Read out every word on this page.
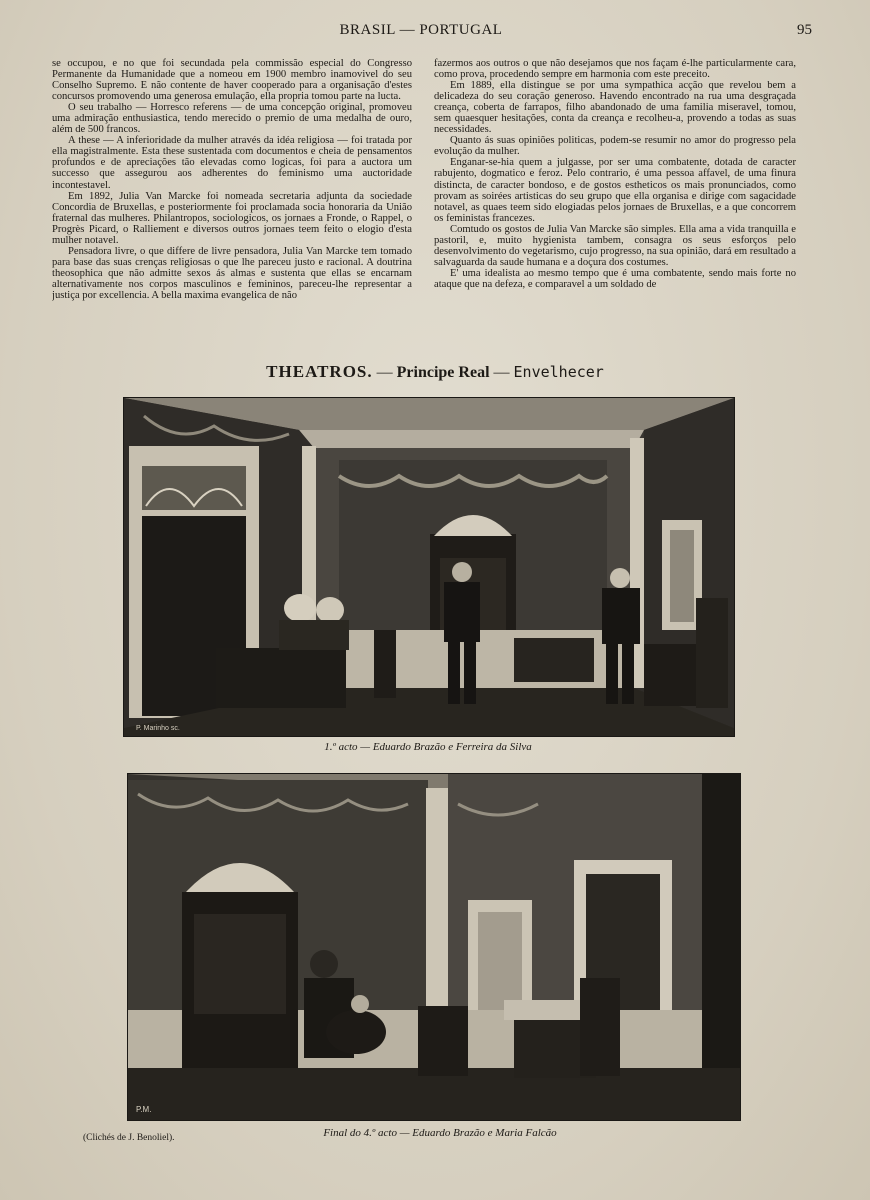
BRASIL — PORTUGAL	95

se occupou, e no que foi secundada pela commissão especial do Congresso Permanente da Humanidade que a nomeou em 1900 membro inamovivel do seu Conselho Supremo. E não contente de haver cooperado para a organisação d'estes concursos promovendo uma generosa emulação, ella propria tomou parte na lucta.

O seu trabalho — Horresco referens — de uma concepção original, promoveu uma admiração enthusiastica, tendo merecido o premio de uma medalha de ouro, além de 500 francos.

A these — A inferioridade da mulher através da idéa religiosa — foi tratada por ella magistralmente. Esta these sustentada com documentos e cheia de pensamentos profundos e de apreciações tão elevadas como logicas, foi para a auctora um successo que assegurou aos adherentes do feminismo uma auctoridade incontestavel.

Em 1892, Julia Van Marcke foi nomeada secretaria adjunta da sociedade Concordia de Bruxellas, e posteriormente foi proclamada socia honoraria da União fraternal das mulheres. Philantropos, sociologicos, os jornaes a Fronde, o Rappel, o Progrès Picard, o Ralliement e diversos outros jornaes teem feito o elogio d'esta mulher notavel.

Pensadora livre, o que differe de livre pensadora, Julia Van Marcke tem tomado para base das suas crenças religiosas o que lhe pareceu justo e racional. A doutrina theosophica que não admitte sexos ás almas e sustenta que ellas se encarnam alternativamente nos corpos masculinos e femininos, pareceu-lhe representar a justiça por excellencia. A bella maxima evangelica de não

fazermos aos outros o que não desejamos que nos façam é-lhe particularmente cara, como prova, procedendo sempre em harmonia com este preceito.

Em 1889, ella distingue se por uma sympathica acção que revelou bem a delicadeza do seu coração generoso. Havendo encontrado na rua uma desgraçada creança, coberta de farrapos, filho abandonado de uma familia miseravel, tomou, sem quaesquer hesitações, conta da creança e recolheu-a, provendo a todas as suas necessidades.

Quanto ás suas opiniões politicas, podem-se resumir no amor do progresso pela evolução da mulher.

Enganar-se-hia quem a julgasse, por ser uma combatente, dotada de caracter rabujento, dogmatico e feroz. Pelo contrario, é uma pessoa affavel, de uma finura distincta, de caracter bondoso, e de gostos estheticos os mais pronunciados, como provam as soirées artisticas do seu grupo que ella organisa e dirige com sagacidade notavel, as quaes teem sido elogiadas pelos jornaes de Bruxellas, e a que concorrem os feministas francezes.

Comtudo os gostos de Julia Van Marcke são simples. Ella ama a vida tranquilla e pastoril, e, muito hygienista tambem, consagra os seus esforços pelo desenvolvimento do vegetarismo, cujo progresso, na sua opinião, dará em resultado a salvaguarda da saude humana e a doçura dos costumes.

E' uma idealista ao mesmo tempo que é uma combatente, sendo mais forte no ataque que na defeza, e comparavel a um soldado de

THEATROS. — Principe Real — Envelhecer
P. Marinho sc.
1.º acto — Eduardo Brazão e Ferreira da Silva
P.M.
Final do 4.º acto — Eduardo Brazão e Maria Falcão
(Clichés de J. Benoliel).
